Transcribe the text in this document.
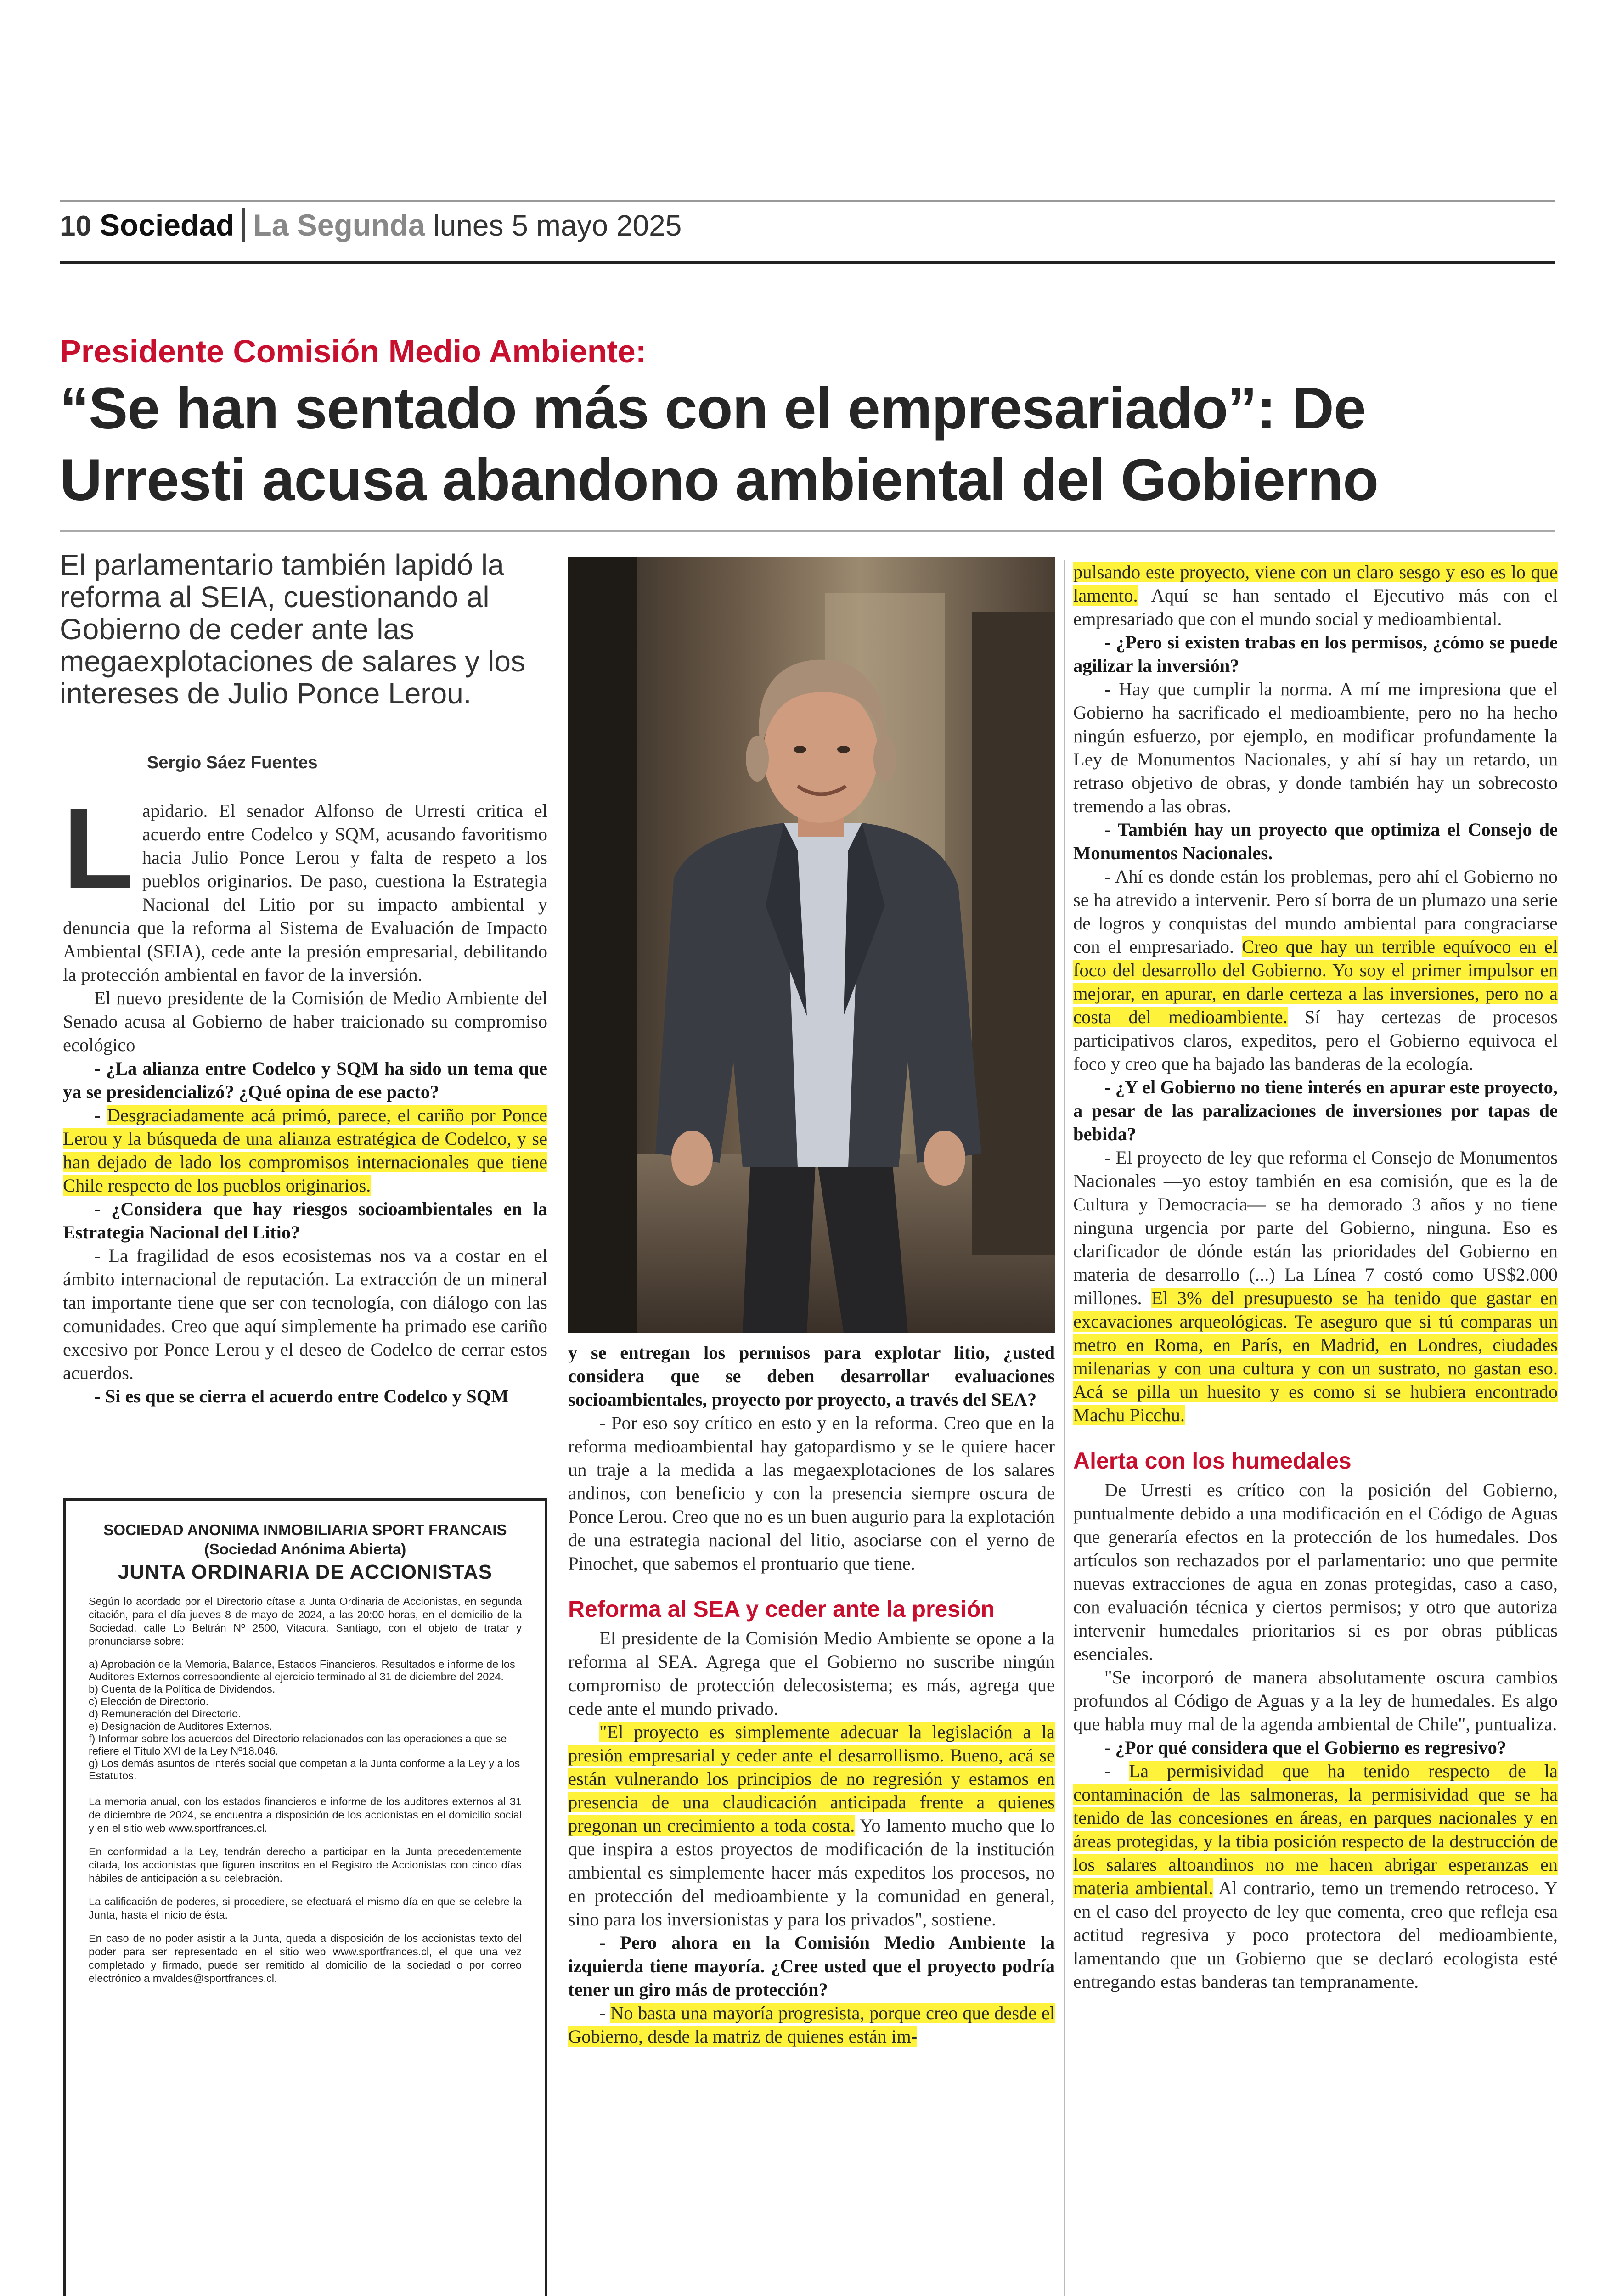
10 Sociedad La Segunda lunes 5 mayo 2025
Presidente Comisión Medio Ambiente:
“Se han sentado más con el empresariado”: De Urresti acusa abandono ambiental del Gobierno
El parlamentario también lapidó la reforma al SEIA, cuestionando al Gobierno de ceder ante las megaexplotaciones de salares y los intereses de Julio Ponce Lerou.
Sergio Sáez Fuentes

Lapidario. El senador Alfonso de Urresti critica el acuerdo entre Codelco y SQM, acusando favoritismo hacia Julio Ponce Lerou y falta de respeto a los pueblos originarios. De paso, cuestiona la Estrategia Nacional del Litio por su impacto ambiental y denuncia que la reforma al Sistema de Evaluación de Impacto Ambiental (SEIA), cede ante la presión empresarial, debilitando la protección ambiental en favor de la inversión.

El nuevo presidente de la Comisión de Medio Ambiente del Senado acusa al Gobierno de haber traicionado su compromiso ecológico

- ¿La alianza entre Codelco y SQM ha sido un tema que ya se presidencializó? ¿Qué opina de ese pacto?

- Desgraciadamente acá primó, parece, el cariño por Ponce Lerou y la búsqueda de una alianza estratégica de Codelco, y se han dejado de lado los compromisos internacionales que tiene Chile respecto de los pueblos originarios.

- ¿Considera que hay riesgos socioambientales en la Estrategia Nacional del Litio?

- La fragilidad de esos ecosistemas nos va a costar en el ámbito internacional de reputación. La extracción de un mineral tan importante tiene que ser con tecnología, con diálogo con las comunidades. Creo que aquí simplemente ha primado ese cariño excesivo por Ponce Lerou y el deseo de Codelco de cerrar estos acuerdos.

- Si es que se cierra el acuerdo entre Codelco y SQM

SOCIEDAD ANONIMA INMOBILIARIA SPORT FRANCAIS
(Sociedad Anónima Abierta)
JUNTA ORDINARIA DE ACCIONISTAS

Según lo acordado por el Directorio cítase a Junta Ordinaria de Accionistas, en segunda citación, para el día jueves 8 de mayo de 2024, a las 20:00 horas, en el domicilio de la Sociedad, calle Lo Beltrán Nº 2500, Vitacura, Santiago, con el objeto de tratar y pronunciarse sobre:

a) Aprobación de la Memoria, Balance, Estados Financieros, Resultados e informe de los Auditores Externos correspondiente al ejercicio terminado al 31 de diciembre del 2024.
b) Cuenta de la Política de Dividendos.
c) Elección de Directorio.
d) Remuneración del Directorio.
e) Designación de Auditores Externos.
f) Informar sobre los acuerdos del Directorio relacionados con las operaciones a que se refiere el Título XVI de la Ley Nº18.046.
g) Los demás asuntos de interés social que competan a la Junta conforme a la Ley y a los Estatutos.

La memoria anual, con los estados financieros e informe de los auditores externos al 31 de diciembre de 2024, se encuentra a disposición de los accionistas en el domicilio social y en el sitio web www.sportfrances.cl.

En conformidad a la Ley, tendrán derecho a participar en la Junta precedentemente citada, los accionistas que figuren inscritos en el Registro de Accionistas con cinco días hábiles de anticipación a su celebración.

La calificación de poderes, si procediere, se efectuará el mismo día en que se celebre la Junta, hasta el inicio de ésta.

En caso de no poder asistir a la Junta, queda a disposición de los accionistas texto del poder para ser representado en el sitio web www.sportfrances.cl, el que una vez completado y firmado, puede ser remitido al domicilio de la sociedad o por correo electrónico a mvaldes@sportfrances.cl.

y se entregan los permisos para explotar litio, ¿usted considera que se deben desarrollar evaluaciones socioambientales, proyecto por proyecto, a través del SEA?

- Por eso soy crítico en esto y en la reforma. Creo que en la reforma medioambiental hay gatopardismo y se le quiere hacer un traje a la medida a las megaexplotaciones de los salares andinos, con beneficio y con la presencia siempre oscura de Ponce Lerou. Creo que no es un buen augurio para la explotación de una estrategia nacional del litio, asociarse con el yerno de Pinochet, que sabemos el prontuario que tiene.

Reforma al SEA y ceder ante la presión

El presidente de la Comisión Medio Ambiente se opone a la reforma al SEA. Agrega que el Gobierno no suscribe ningún compromiso de protección delecosistema; es más, agrega que cede ante el mundo privado.

"El proyecto es simplemente adecuar la legislación a la presión empresarial y ceder ante el desarrollismo. Bueno, acá se están vulnerando los principios de no regresión y estamos en presencia de una claudicación anticipada frente a quienes pregonan un crecimiento a toda costa. Yo lamento mucho que lo que inspira a estos proyectos de modificación de la institución ambiental es simplemente hacer más expeditos los procesos, no en protección del medioambiente y la comunidad en general, sino para los inversionistas y para los privados", sostiene.

- Pero ahora en la Comisión Medio Ambiente la izquierda tiene mayoría. ¿Cree usted que el proyecto podría tener un giro más de protección?

- No basta una mayoría progresista, porque creo que desde el Gobierno, desde la matriz de quienes están im-

pulsando este proyecto, viene con un claro sesgo y eso es lo que lamento. Aquí se han sentado el Ejecutivo más con el empresariado que con el mundo social y medioambiental.

- ¿Pero si existen trabas en los permisos, ¿cómo se puede agilizar la inversión?

- Hay que cumplir la norma. A mí me impresiona que el Gobierno ha sacrificado el medioambiente, pero no ha hecho ningún esfuerzo, por ejemplo, en modificar profundamente la Ley de Monumentos Nacionales, y ahí sí hay un retardo, un retraso objetivo de obras, y donde también hay un sobrecosto tremendo a las obras.

- También hay un proyecto que optimiza el Consejo de Monumentos Nacionales.

- Ahí es donde están los problemas, pero ahí el Gobierno no se ha atrevido a intervenir. Pero sí borra de un plumazo una serie de logros y conquistas del mundo ambiental para congraciarse con el empresariado. Creo que hay un terrible equívoco en el foco del desarrollo del Gobierno. Yo soy el primer impulsor en mejorar, en apurar, en darle certeza a las inversiones, pero no a costa del medioambiente. Sí hay certezas de procesos participativos claros, expeditos, pero el Gobierno equivoca el foco y creo que ha bajado las banderas de la ecología.

- ¿Y el Gobierno no tiene interés en apurar este proyecto, a pesar de las paralizaciones de inversiones por tapas de bebida?

- El proyecto de ley que reforma el Consejo de Monumentos Nacionales —yo estoy también en esa comisión, que es la de Cultura y Democracia— se ha demorado 3 años y no tiene ninguna urgencia por parte del Gobierno, ninguna. Eso es clarificador de dónde están las prioridades del Gobierno en materia de desarrollo (...) La Línea 7 costó como US$2.000 millones. El 3% del presupuesto se ha tenido que gastar en excavaciones arqueológicas. Te aseguro que si tú comparas un metro en Roma, en París, en Madrid, en Londres, ciudades milenarias y con una cultura y con un sustrato, no gastan eso. Acá se pilla un huesito y es como si se hubiera encontrado Machu Picchu.

Alerta con los humedales

De Urresti es crítico con la posición del Gobierno, puntualmente debido a una modificación en el Código de Aguas que generaría efectos en la protección de los humedales. Dos artículos son rechazados por el parlamentario: uno que permite nuevas extracciones de agua en zonas protegidas, caso a caso, con evaluación técnica y ciertos permisos; y otro que autoriza intervenir humedales prioritarios si es por obras públicas esenciales.

"Se incorporó de manera absolutamente oscura cambios profundos al Código de Aguas y a la ley de humedales. Es algo que habla muy mal de la agenda ambiental de Chile", puntualiza.

- ¿Por qué considera que el Gobierno es regresivo?

- La permisividad que ha tenido respecto de la contaminación de las salmoneras, la permisividad que se ha tenido de las concesiones en áreas, en parques nacionales y en áreas protegidas, y la tibia posición respecto de la destrucción de los salares altoandinos no me hacen abrigar esperanzas en materia ambiental. Al contrario, temo un tremendo retroceso. Y en el caso del proyecto de ley que comenta, creo que refleja esa actitud regresiva y poco protectora del medioambiente, lamentando que un Gobierno que se declaró ecologista esté entregando estas banderas tan tempranamente.
